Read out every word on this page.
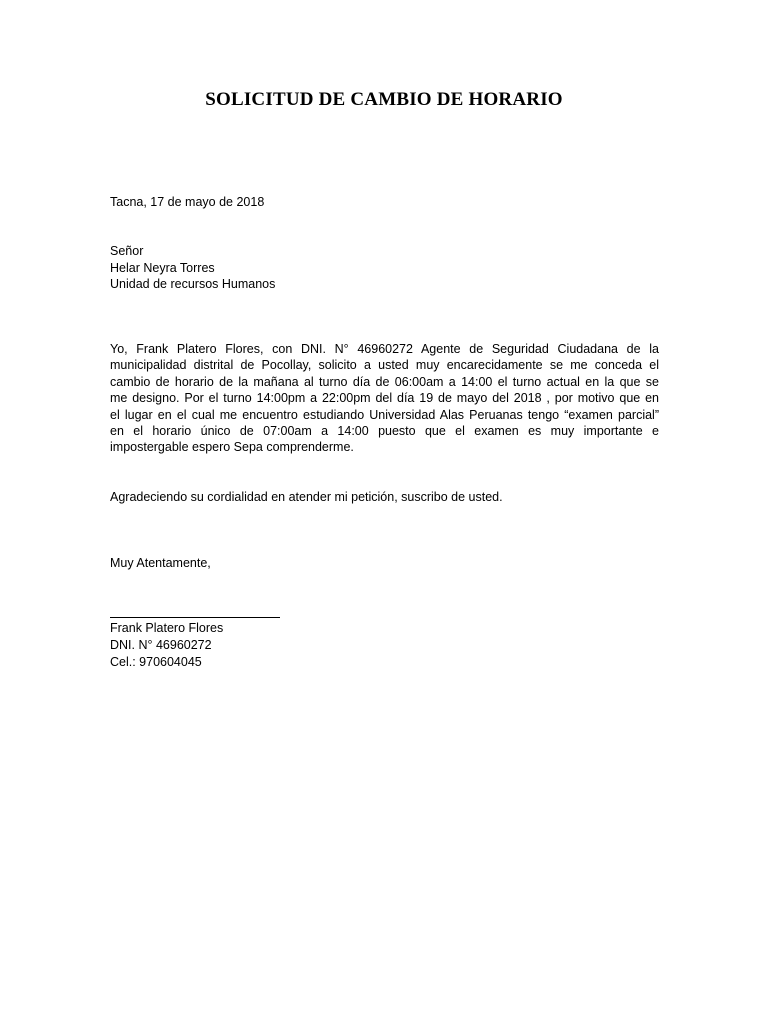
SOLICITUD DE CAMBIO DE HORARIO
Tacna, 17 de mayo de 2018
Señor
Helar Neyra Torres
Unidad de recursos Humanos
Yo, Frank Platero Flores, con DNI. N° 46960272 Agente de Seguridad Ciudadana de la
municipalidad distrital de Pocollay, solicito a usted muy encarecidamente se me conceda el
cambio de horario de la mañana al turno día de 06:00am a 14:00 el turno actual en la que se
me designo. Por el turno 14:00pm a 22:00pm del día 19 de mayo del 2018 , por motivo que en
el lugar en el cual me encuentro estudiando Universidad Alas Peruanas tengo “examen parcial”
en el horario único de 07:00am a 14:00 puesto que el examen es muy importante e
impostergable espero Sepa comprenderme.
Agradeciendo su cordialidad en atender mi petición, suscribo de usted.
Muy Atentamente,
Frank Platero Flores
DNI. N° 46960272
Cel.: 970604045
